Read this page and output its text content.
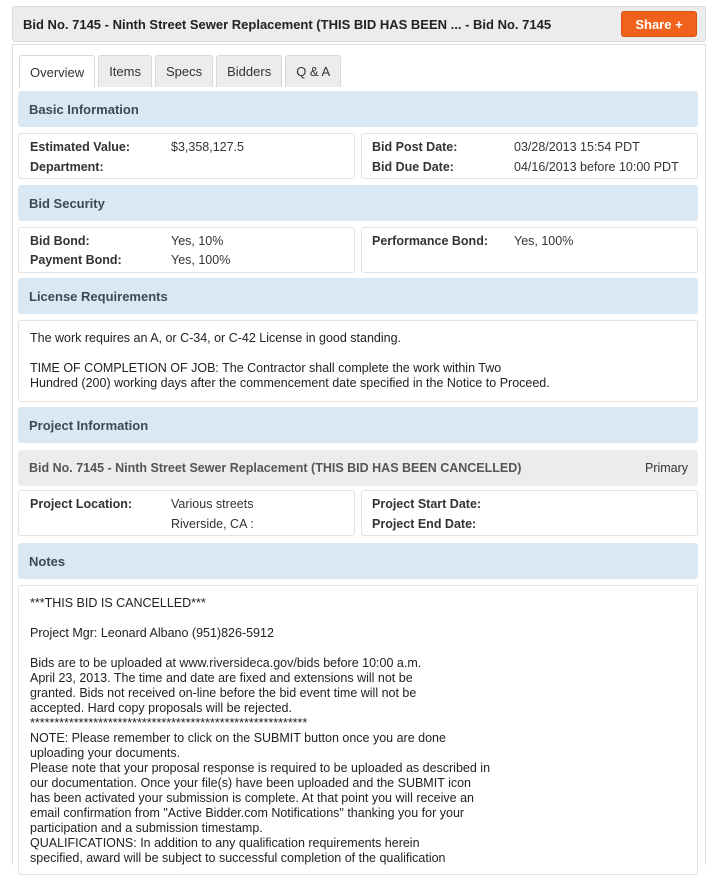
Bid No. 7145 - Ninth Street Sewer Replacement (THIS BID HAS BEEN ... - Bid No. 7145	Share +
Overview	Items	Specs	Bidders	Q & A
Basic Information
Estimated Value:	$3,358,127.5
Department:
Bid Post Date:	03/28/2013 15:54 PDT
Bid Due Date:	04/16/2013 before 10:00 PDT
Bid Security
Bid Bond:	Yes, 10%
Payment Bond:	Yes, 100%
Performance Bond: Yes, 100%
License Requirements
The work requires an A, or C-34, or C-42 License in good standing.
TIME OF COMPLETION OF JOB: The Contractor shall complete the work within Two
Hundred (200) working days after the commencement date specified in the Notice to Proceed.
Project Information
Bid No. 7145 - Ninth Street Sewer Replacement (THIS BID HAS BEEN CANCELLED)	Primary
Project Location:	Various streets
Riverside, CA :
Project Start Date:
Project End Date:
Notes
***THIS BID IS CANCELLED***
Project Mgr: Leonard Albano (951)826-5912
Bids are to be uploaded at www.riversideca.gov/bids before 10:00 a.m.
April 23, 2013. The time and date are fixed and extensions will not be
granted. Bids not received on-line before the bid event time will not be
accepted. Hard copy proposals will be rejected.
*********************************************************
NOTE: Please remember to click on the SUBMIT button once you are done
uploading your documents.
Please note that your proposal response is required to be uploaded as described in
our documentation. Once your file(s) have been uploaded and the SUBMIT icon
has been activated your submission is complete. At that point you will receive an
email confirmation from "Active Bidder.com Notifications" thanking you for your
participation and a submission timestamp.
QUALIFICATIONS: In addition to any qualification requirements herein
specified, award will be subject to successful completion of the qualification
